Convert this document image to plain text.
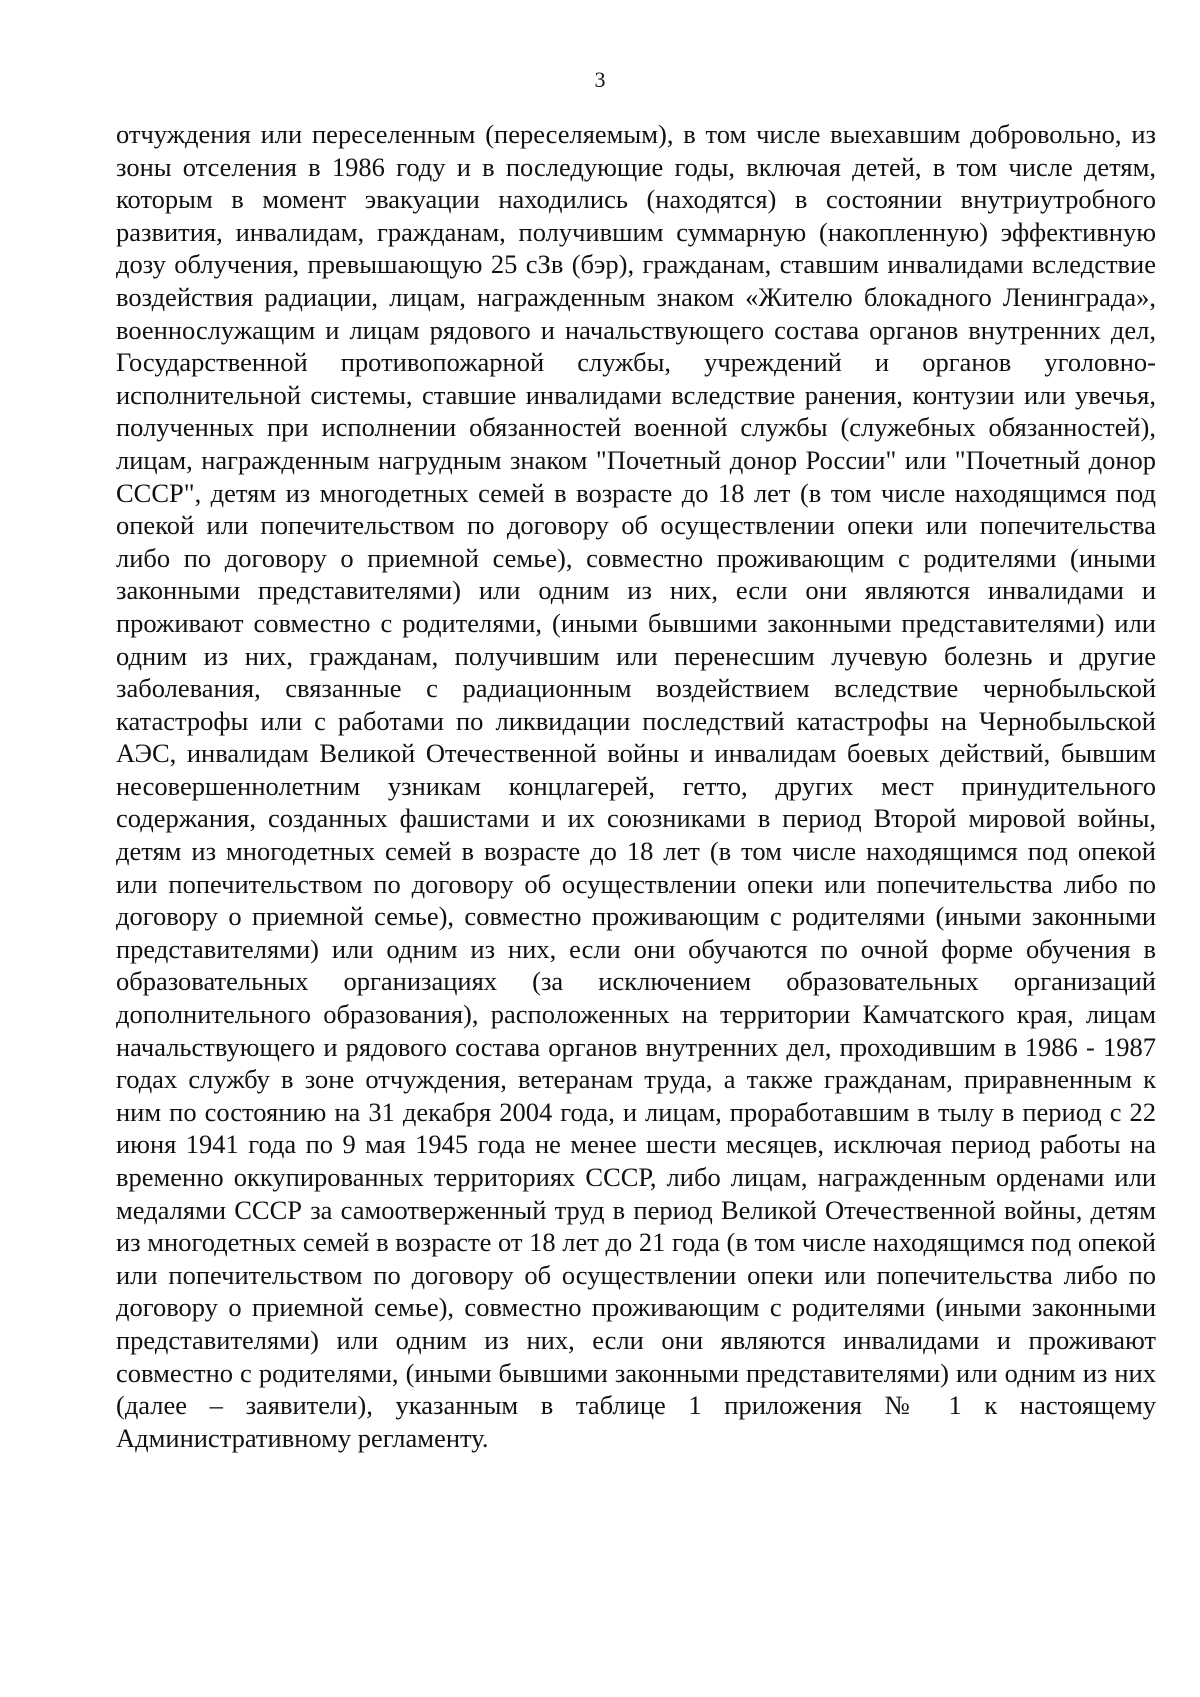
3

отчуждения или переселенным (переселяемым), в том числе выехавшим добровольно, из зоны отселения в 1986 году и в последующие годы, включая детей, в том числе детям, которым в момент эвакуации находились (находятся) в состоянии внутриутробного развития, инвалидам, гражданам, получившим суммарную (накопленную) эффективную дозу облучения, превышающую 25 сЗв (бэр), гражданам, ставшим инвалидами вследствие воздействия радиации, лицам, награжденным знаком «Жителю блокадного Ленинграда», военнослужащим и лицам рядового и начальствующего состава органов внутренних дел, Государственной противопожарной службы, учреждений и органов уголовно-исполнительной системы, ставшие инвалидами вследствие ранения, контузии или увечья, полученных при исполнении обязанностей военной службы (служебных обязанностей), лицам, награжденным нагрудным знаком "Почетный донор России" или "Почетный донор СССР", детям из многодетных семей в возрасте до 18 лет (в том числе находящимся под опекой или попечительством по договору об осуществлении опеки или попечительства либо по договору о приемной семье), совместно проживающим с родителями (иными законными представителями) или одним из них, если они являются инвалидами и проживают совместно с родителями, (иными бывшими законными представителями) или одним из них, гражданам, получившим или перенесшим лучевую болезнь и другие заболевания, связанные с радиационным воздействием вследствие чернобыльской катастрофы или с работами по ликвидации последствий катастрофы на Чернобыльской АЭС, инвалидам Великой Отечественной войны и инвалидам боевых действий, бывшим несовершеннолетним узникам концлагерей, гетто, других мест принудительного содержания, созданных фашистами и их союзниками в период Второй мировой войны, детям из многодетных семей в возрасте до 18 лет (в том числе находящимся под опекой или попечительством по договору об осуществлении опеки или попечительства либо по договору о приемной семье), совместно проживающим с родителями (иными законными представителями) или одним из них, если они обучаются по очной форме обучения в образовательных организациях (за исключением образовательных организаций дополнительного образования), расположенных на территории Камчатского края, лицам начальствующего и рядового состава органов внутренних дел, проходившим в 1986 - 1987 годах службу в зоне отчуждения, ветеранам труда, а также гражданам, приравненным к ним по состоянию на 31 декабря 2004 года, и лицам, проработавшим в тылу в период с 22 июня 1941 года по 9 мая 1945 года не менее шести месяцев, исключая период работы на временно оккупированных территориях СССР, либо лицам, награжденным орденами или медалями СССР за самоотверженный труд в период Великой Отечественной войны, детям из многодетных семей в возрасте от 18 лет до 21 года (в том числе находящимся под опекой или попечительством по договору об осуществлении опеки или попечительства либо по договору о приемной семье), совместно проживающим с родителями (иными законными представителями) или одним из них, если они являются инвалидами и проживают совместно с родителями, (иными бывшими законными представителями) или одним из них (далее – заявители), указанным в таблице 1 приложения № 1 к настоящему Административному регламенту.
